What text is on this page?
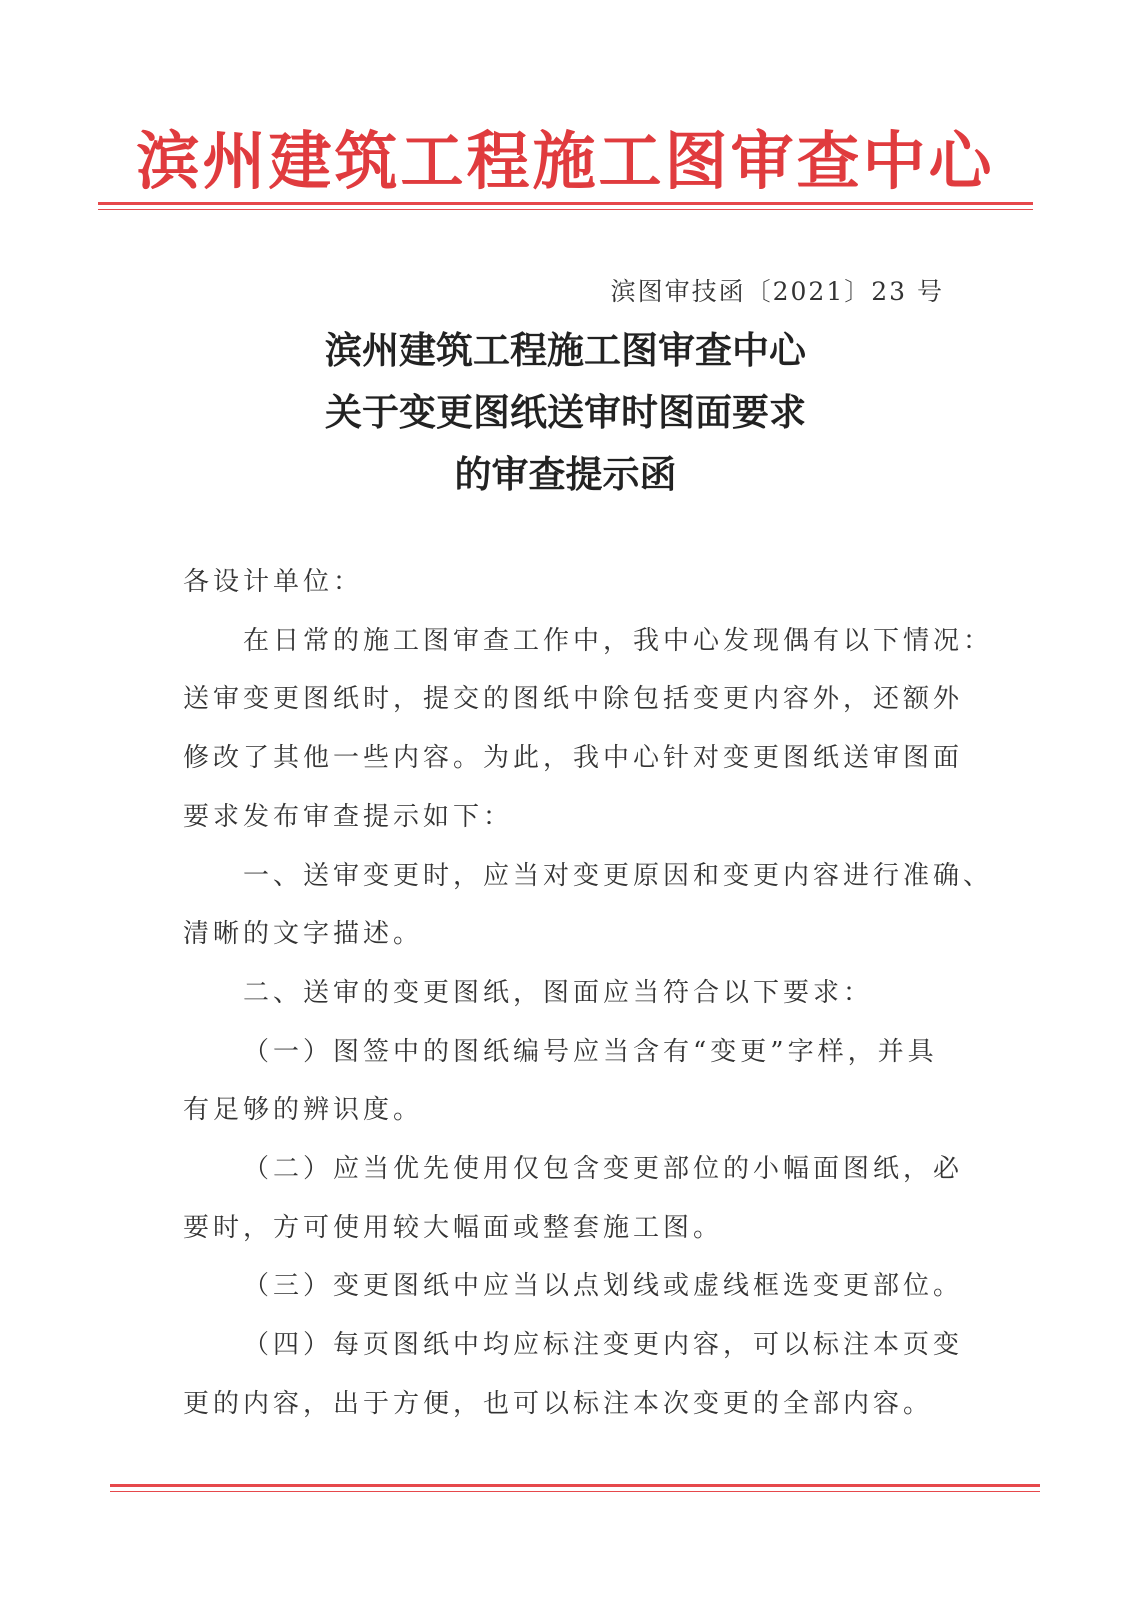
滨州建筑工程施工图审查中心

滨图审技函〔2021〕23 号

滨州建筑工程施工图审查中心
关于变更图纸送审时图面要求
的审查提示函

各设计单位：

在日常的施工图审查工作中，我中心发现偶有以下情况：

送审变更图纸时，提交的图纸中除包括变更内容外，还额外

修改了其他一些内容。为此，我中心针对变更图纸送审图面

要求发布审查提示如下：

一、送审变更时，应当对变更原因和变更内容进行准确、

清晰的文字描述。

二、送审的变更图纸，图面应当符合以下要求：

（一）图签中的图纸编号应当含有“变更”字样，并具

有足够的辨识度。

（二）应当优先使用仅包含变更部位的小幅面图纸，必

要时，方可使用较大幅面或整套施工图。

（三）变更图纸中应当以点划线或虚线框选变更部位。

（四）每页图纸中均应标注变更内容，可以标注本页变

更的内容，出于方便，也可以标注本次变更的全部内容。
